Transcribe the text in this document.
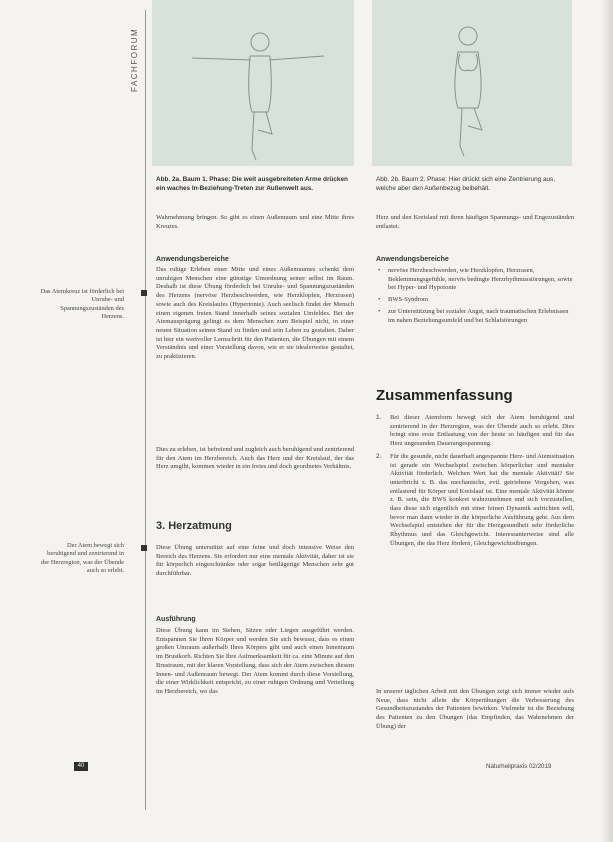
FACHFORUM
Abb. 2a. Baum 1. Phase: Die weit ausgebreiteten Arme drücken ein waches In-Beziehung-Treten zur Außenwelt aus.
Wahrnehmung bringen. So gibt es einen Außenraum und eine Mitte ihres Kreuzes.
Abb. 2b. Baum 2. Phase: Hier drückt sich eine Zentrierung aus, welche aber den Außenbezug beibehält.
Herz und den Kreislauf mit ihren häufigen Spannungs- und Engezuständen entlastet.
Anwendungsbereiche
Das ruhige Erleben einer Mitte und eines Außenraumes schenkt dem unruhigen Menschen eine günstige Umordnung seiner selbst im Raum. Deshalb ist diese Übung förderlich bei Unruhe- und Spannungszuständen des Herzens (nervöse Herzbeschwerden, wie Herzklopfen, Herzrasen) sowie auch des Kreislaufes (Hypertonie). Auch seelisch findet der Mensch einen eigenen freien Stand innerhalb seines sozialen Umfeldes. Bei der Atemausprägung gelingt es dem Menschen zum Beispiel nicht, in einer neuen Situation seinen Stand zu finden und sein Leben zu gestalten. Daher ist hier ein wertvoller Lernschritt für den Patienten, die Übungen mit einem Verständnis und einer Vorstellung davon, wie er sie idealerweise gestaltet, zu praktizieren.
Dies zu erleben, ist befreiend und zugleich auch beruhigend und zentrierend für den Atem im Herzbereich. Auch das Herz und der Kreislauf, der das Herz umgibt, kommen wieder in ein freies und doch geordnetes Verhältnis.
3. Herzatmung
Diese Übung unterstützt auf eine feine und doch intensive Weise den Bereich des Herzens. Sie erfordert nur eine mentale Aktivität, daher ist sie für körperlich eingeschränkte oder sogar bettlägerige Menschen sehr gut durchführbar.
Ausführung
Diese Übung kann im Stehen, Sitzen oder Liegen ausgeführt werden. Entspannen Sie Ihren Körper und werden Sie sich bewusst, dass es einen großen Umraum außerhalb Ihres Körpers gibt und auch einen Innenraum im Brustkorb. Richten Sie Ihre Aufmerksamkeit für ca. eine Minute auf den Brustraum, mit der klaren Vorstellung, dass sich der Atem zwischen diesem Innen- und Außenraum bewegt. Der Atem kommt durch diese Vorstellung, die einer Wirklichkeit entspricht, zu einer ruhigen Ordnung und Verteilung im Herzbereich, wo das
Das Atemkreuz ist förderlich bei Unruhe- und Spannungszuständen des Herzens.
Der Atem bewegt sich beruhigend und zentrierend in der Herzregion, was der Übende auch so erlebt.
Anwendungsbereiche
• nervöse Herzbeschwerden, wie Herzklopfen, Herzrasen, Beklemmungsgefühle, nervös bedingte Herzrhythmusstörungen, sowie bei Hyper- und Hypotonie
• BWS-Syndrom
• zur Unterstützung bei sozialer Angst, nach traumatischen Erlebnissen im nahen Beziehungsumfeld und bei Schlafstörungen
Zusammenfassung
1. Bei dieser Atemform bewegt sich der Atem beruhigend und zentrierend in der Herzregion, was der Übende auch so erlebt. Dies bringt eine erste Entlastung von der heute so häufigen und für das Herz ungesunden Dauerangespannung.
2. Für die gesunde, nicht dauerhaft angespannte Herz- und Atemsituation ist gerade ein Wechselspiel zwischen körperlicher und mentaler Aktivität förderlich. Welchen Wert hat die mentale Aktivität? Sie unterbricht z. B. das mechanische, evtl. getriebene Vorgehen, was entlastend für Körper und Kreislauf ist. Eine mentale Aktivität könnte z. B. sein, die BWS konkret wahrzunehmen und sich vorzustellen, dass diese sich eigentlich mit einer feinen Dynamik aufrichten will, bevor man dann wieder in die körperliche Ausführung geht. Aus dem Wechselspiel entstehen der für die Herzgesundheit sehr förderliche Rhythmus und das Gleichgewicht. Interessanterweise sind alle Übungen, die das Herz fördern, Gleichgewichtsübungen.
In unserer täglichen Arbeit mit den Übungen zeigt sich immer wieder aufs Neue, dass nicht allein die Körperübungen die Verbesserung des Gesundheitszustandes der Patienten bewirken. Vielmehr ist die Beziehung des Patienten zu den Übungen (das Empfinden, das Wahrnehmen der Übung) der
40	Naturheilpraxis 02/2019
